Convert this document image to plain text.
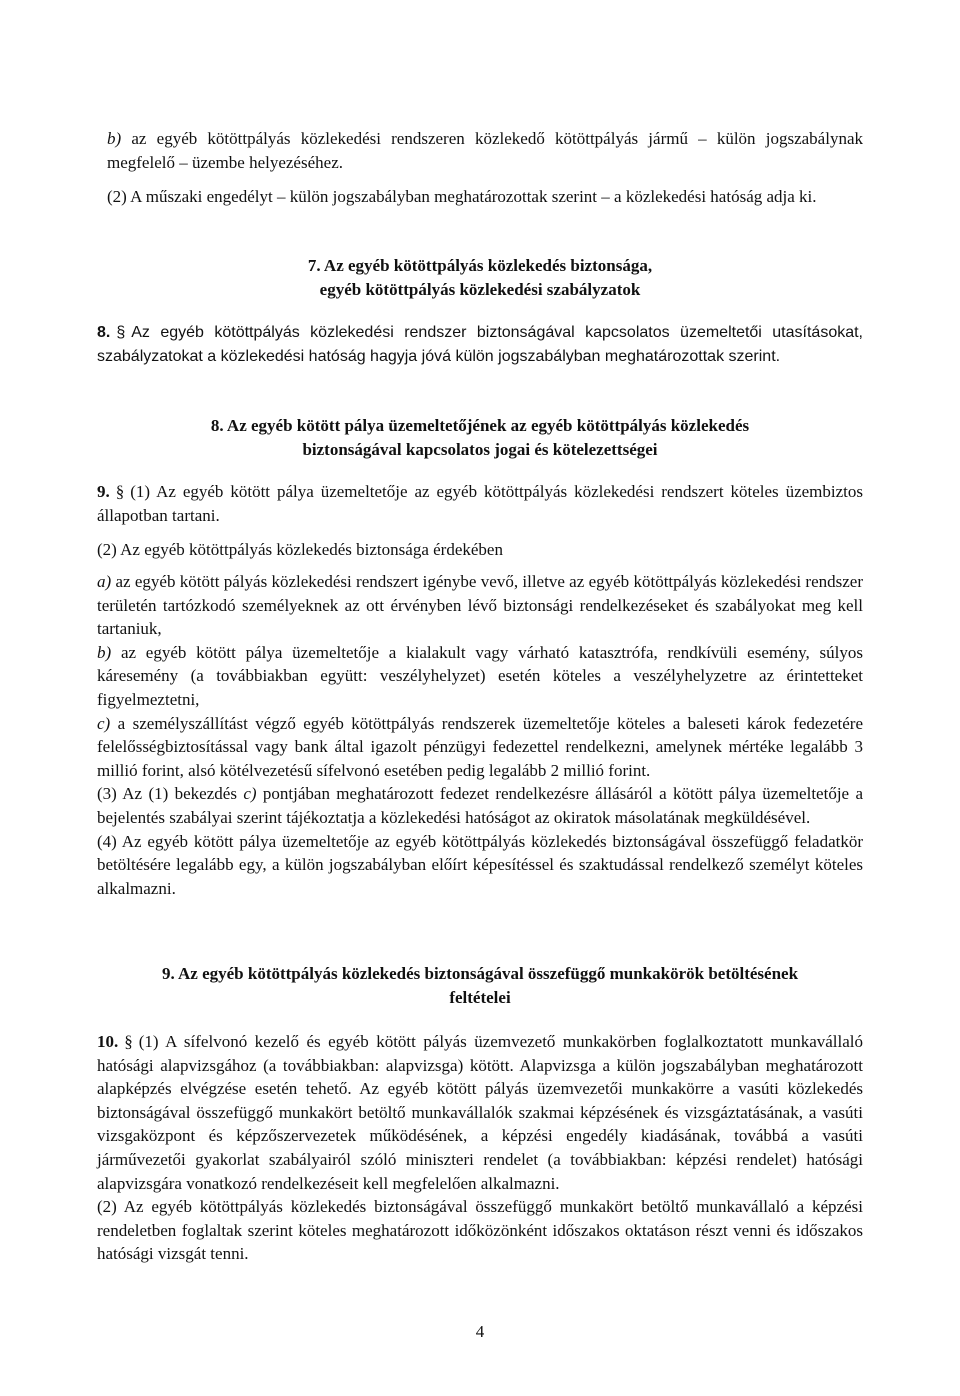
b) az egyéb kötöttpályás közlekedési rendszeren közlekedő kötöttpályás jármű – külön jogszabálynak megfelelő – üzembe helyezéséhez.
(2) A műszaki engedélyt – külön jogszabályban meghatározottak szerint – a közlekedési hatóság adja ki.

7. Az egyéb kötöttpályás közlekedés biztonsága,

egyéb kötöttpályás közlekedési szabályzatok

8. § Az egyéb kötöttpályás közlekedési rendszer biztonságával kapcsolatos üzemeltetői utasításokat, szabályzatokat a közlekedési hatóság hagyja jóvá külön jogszabályban meghatározottak szerint.

8. Az egyéb kötött pálya üzemeltetőjének az egyéb kötöttpályás közlekedés

biztonságával kapcsolatos jogai és kötelezettségei

9. § (1) Az egyéb kötött pálya üzemeltetője az egyéb kötöttpályás közlekedési rendszert köteles üzembiztos állapotban tartani.

(2) Az egyéb kötöttpályás közlekedés biztonsága érdekében

a) az egyéb kötött pályás közlekedési rendszert igénybe vevő, illetve az egyéb kötöttpályás közlekedési rendszer területén tartózkodó személyeknek az ott érvényben lévő biztonsági rendelkezéseket és szabályokat meg kell tartaniuk,

b) az egyéb kötött pálya üzemeltetője a kialakult vagy várható katasztrófa, rendkívüli esemény, súlyos káresemény (a továbbiakban együtt: veszélyhelyzet) esetén köteles a veszélyhelyzetre az érintetteket figyelmeztetni,

c) a személyszállítást végző egyéb kötöttpályás rendszerek üzemeltetője köteles a baleseti károk fedezetére felelősségbiztosítással vagy bank által igazolt pénzügyi fedezettel rendelkezni, amelynek mértéke legalább 3 millió forint, alsó kötélvezetésű sífelvonó esetében pedig legalább 2 millió forint.

(3) Az (1) bekezdés c) pontjában meghatározott fedezet rendelkezésre állásáról a kötött pálya üzemeltetője a bejelentés szabályai szerint tájékoztatja a közlekedési hatóságot az okiratok másolatának megküldésével.

(4) Az egyéb kötött pálya üzemeltetője az egyéb kötöttpályás közlekedés biztonságával összefüggő feladatkör betöltésére legalább egy, a külön jogszabályban előírt képesítéssel és szaktudással rendelkező személyt köteles alkalmazni.

9. Az egyéb kötöttpályás közlekedés biztonságával összefüggő munkakörök betöltésének

feltételei

10. § (1) A sífelvonó kezelő és egyéb kötött pályás üzemvezető munkakörben foglalkoztatott munkavállaló hatósági alapvizsgához (a továbbiakban: alapvizsga) kötött. Alapvizsga a külön jogszabályban meghatározott alapképzés elvégzése esetén tehető. Az egyéb kötött pályás üzemvezetői munkakörre a vasúti közlekedés biztonságával összefüggő munkakört betöltő munkavállalók szakmai képzésének és vizsgáztatásának, a vasúti vizsgaközpont és képzőszervezetek működésének, a képzési engedély kiadásának, továbbá a vasúti járművezetői gyakorlat szabályairól szóló miniszteri rendelet (a továbbiakban: képzési rendelet) hatósági alapvizsgára vonatkozó rendelkezéseit kell megfelelően alkalmazni.

(2) Az egyéb kötöttpályás közlekedés biztonságával összefüggő munkakört betöltő munkavállaló a képzési rendeletben foglaltak szerint köteles meghatározott időközönként időszakos oktatáson részt venni és időszakos hatósági vizsgát tenni.

4
